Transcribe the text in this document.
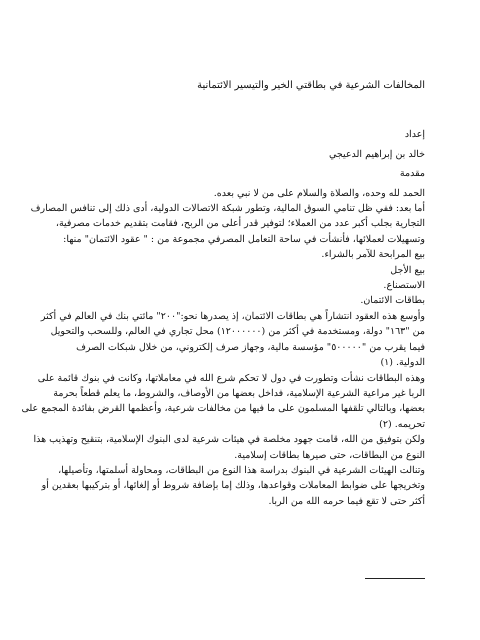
المخالفات الشرعية في بطاقتي الخير والتيسير الائتمانية
إعداد
خالد بن إبراهيم الدعيجي
مقدمة
الحمد لله وحده، والصلاة والسلام على من لا نبي بعده.
أما بعد: ففي ظل تنامي السوق المالية، وتطور شبكة الاتصالات الدولية، أدى ذلك إلى تنافس المصارف
التجارية بجلب أكبر عدد من العملاء؛ لتوفير قدر أعلى من الربح، فقامت بتقديم خدمات مصرفية،
وتسهيلات لعملائها، فأنشأت في ساحة التعامل المصرفي مجموعة من : " عقود الائتمان" منها:
بيع المرابحة للآمر بالشراء.
بيع الأجل
الاستصناع.
بطاقات الائتمان.
وأوسع هذه العقود انتشاراً هي بطاقات الائتمان، إذ يصدرها نحو:"٢٠٠" مائتي بنك في العالم في أكثر
من "١٦٣" دولة، ومستخدمة في أكثر من (١٢٠٠٠٠٠٠) محل تجاري في العالم، وللسحب والتحويل
فيما يقرب من "٥٠٠٠٠٠" مؤسسة مالية، وجهاز صرف إلكتروني، من خلال شبكات الصرف
الدولية. (١)
وهذه البطاقات نشأت وتطورت في دول لا تحكم شرع الله في معاملاتها، وكانت في بنوك قائمة على
الربا غير مراعية الشرعية الإسلامية، فداخل بعضها من الأوصاف، والشروط، ما يعلم قطعاً بحرمة
بعضها، وبالتالي تلقفها المسلمون على ما فيها من مخالفات شرعية، وأعظمها القرض بفائدة المجمع على
تحريمه. (٢)
ولكن بتوفيق من الله، قامت جهود مخلصة في هيئات شرعية لدى البنوك الإسلامية، بتنقيح وتهذيب هذا
النوع من البطاقات، حتى صيرها بطاقات إسلامية.
وتنالت الهيئات الشرعية في البنوك بدراسة هذا النوع من البطاقات، ومحاولة أسلمتها، وتأصيلها،
وتخريجها على ضوابط المعاملات وقواعدها، وذلك إما بإضافة شروط أو إلغائها، أو بتركيبها بعقدين أو
أكثر حتى لا تقع فيما حرمه الله من الربا.
